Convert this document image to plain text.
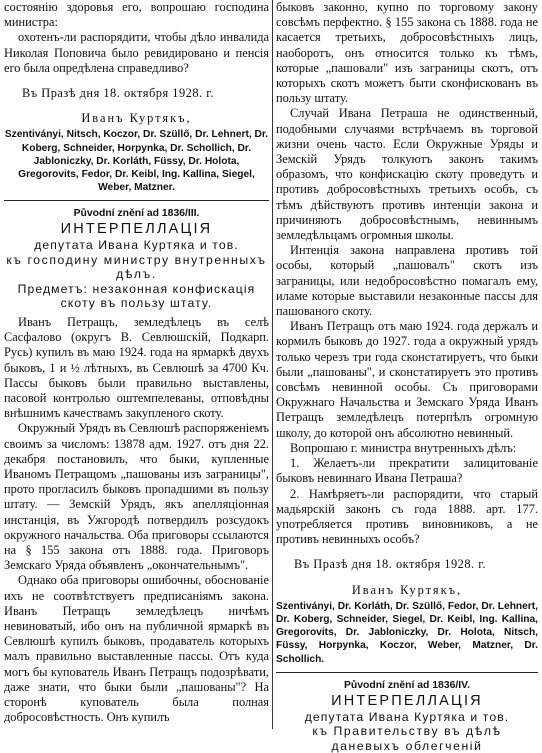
состоянію здоровья его, вопрошаю господина министра:

охотенъ-ли распорядити, чтобы дѣло инвалида Николая Поповича было ревидировано и пенсія его была опредѣлена справедливо?

Въ Празѣ дня 18. октября 1928. г.

Иванъ Куртякъ,

Szentiványi, Nitsch, Koczor, Dr. Szüllő, Dr. Lehnert, Dr. Koberg, Schneider, Horpynka, Dr. Schollich, Dr. Jabloniczky, Dr. Korláth, Füssy, Dr. Holota, Gregorovits, Fedor, Dr. Keibl, Ing. Kallina, Siegel, Weber, Matzner.

Původní znění ad 1836/III.

ИНТЕРПЕЛЛАЦІЯ

депутата Ивана Куртяка и тов.

къ господину министру внутренныхъ дѣлъ.

Предметъ: незаконная конфискація скоту въ пользу штату.

Иванъ Петращъ, земледѣлецъ въ селѣ Сасфалово (округъ В. Севлюшскій, Подкарп. Русь) купилъ въ маю 1924. года на ярмаркѣ двухъ быковъ, 1 и ½ лѣтныхъ, въ Севлюшѣ за 4700 Кч. Пассы быковъ были правильно выставлены, пасовой контролью оштемпелеваны, отповѣдны внѣшнимъ качествамъ закупленого скоту.

Окружный Урядъ въ Севлюшѣ распоряженіемъ своимъ за числомъ: 13878 адм. 1927. отъ дня 22. декабря постановилъ, что быки, купленные Иваномъ Петращомъ „пашованы изъ заграницы", прото прогласилъ быковъ пропадшими въ пользу штату. — Земскій Урядъ, якъ апелляціонная инстанція, въ Ужгородѣ потвердилъ розсудокъ окружного начальства. Оба приговоры ссылаются на § 155 закона отъ 1888. года. Приговоръ Земскаго Уряда объявленъ „окончательнымъ".

Однако оба приговоры ошибочны, обоснованіе ихъ не соотвѣтствуетъ предписаніямъ закона. Иванъ Петращъ земледѣлецъ ничѣмъ невиноватый, ибо онъ на публичной ярмаркѣ въ Севлюшѣ купилъ быковъ, продаватель которыхъ малъ правильно выставленные пассы. Отъ куда могъ бы купователь Иванъ Петращъ подозрѣвати, даже знати, что быки были „пашованы"? На сторонѣ купователь была полная добросовѣстность. Онъ купилъ

быковъ законно, купно по торговому закону совсѣмъ перфектно. § 155 закона съ 1888. года не касается третьихъ, добросовѣстныхъ лицъ, наоборотъ, онъ относится только къ тѣмъ, которые „пашовали" изъ заграницы скотъ, отъ которыхъ скотъ можетъ быти сконфискованъ въ пользу штату.

Случай Ивана Петраша не одинственный, подобными случаями встрѣчаемъ въ торговой жизни очень часто. Если Окружные Уряды и Земскій Урядъ толкуютъ законъ такимъ образомъ, что конфискацію скоту проведутъ и противъ добросовѣстныхъ третьихъ особъ, съ тѣмъ дѣйствуютъ противъ интенціи закона и причиняютъ добросовѣстнымъ, невиннымъ земледѣльцамъ огромныя школы.

Интенція закона направлена противъ той особы, который „пашовалъ" скотъ изъ заграницы, или недобросовѣстно помагалъ ему, иламе которые выставили незаконные пассы для пашованого скоту.

Иванъ Петращъ отъ маю 1924. года держалъ и кормилъ быковъ до 1927. года а окружный урядъ только черезъ три года сконстатируетъ, что быки были „пашованы", и сконстатируетъ это противъ совсѣмъ невинной особы. Съ приговорами Окружнаго Начальства и Земскаго Уряда Иванъ Петращъ земледѣлецъ потерпѣлъ огромную школу, до которой онъ абсолютно невинный.

Вопрошаю г. министра внутренныхъ дѣлъ:

1. Желаетъ-ли прекратити залицитованіе быковъ невиннаго Ивана Петраша?

2. Намѣряетъ-ли распорядити, что старый мадьярскій законъ съ года 1888. арт. 177. употребляется противъ виновниковъ, а не противъ невинныхъ особъ?

Въ Празѣ дня 18. октября 1928. г.

Иванъ Куртякъ,

Szentiványi, Dr. Korláth, Dr. Szüllő, Fedor, Dr. Lehnert, Dr. Koberg, Schneider, Siegel, Dr. Keibl, Ing. Kallina, Gregorovits, Dr. Jabloniczky, Dr. Holota, Nitsch, Füssy, Horpynka, Koczor, Weber, Matzner, Dr. Schollich.

Původní znění ad 1836/IV.

ИНТЕРПЕЛЛАЦІЯ

депутата Ивана Куртяка и тов.

къ Правительству въ дѣлѣ даневыхъ облегченій
